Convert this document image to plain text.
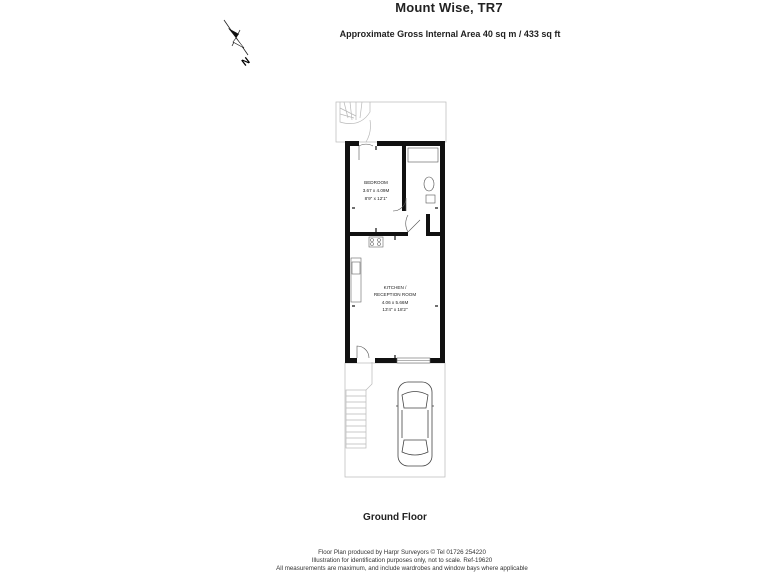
Mount Wise, TR7
Approximate Gross Internal Area 40 sq m / 433 sq ft
N
BEDROOM
3.67 x 4.09M
8'9" x 12'1"
KITCHEN /
RECEPTION ROOM
4.06 x 5.66M
13'4" x 18'2"
Ground Floor
Floor Plan produced by Harpr Surveyors © Tel 01726 254220
Illustration for identification purposes only, not to scale. Ref-19620
All measurements are maximum, and include wardrobes and window bays where applicable
